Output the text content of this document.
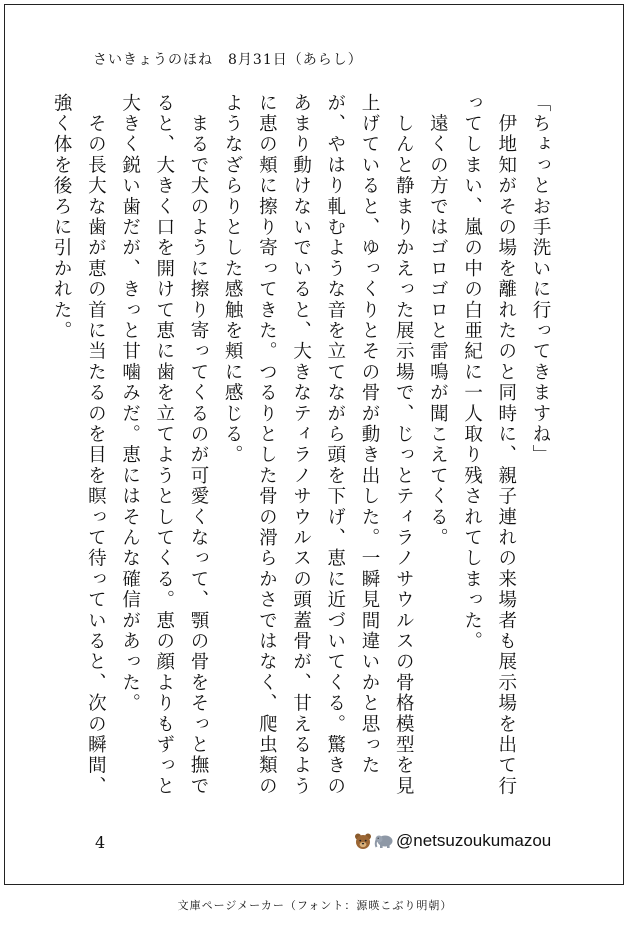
さいきょうのほね　8月31日（あらし）

「ちょっとお手洗いに行ってきますね」

　伊地知がその場を離れたのと同時に、親子連れの来場者も展示場を出て行ってしまい、嵐の中の白亜紀に一人取り残されてしまった。

　遠くの方ではゴロゴロと雷鳴が聞こえてくる。

　しんと静まりかえった展示場で、じっとティラノサウルスの骨格模型を見上げていると、ゆっくりとその骨が動き出した。一瞬見間違いかと思ったが、やはり軋むような音を立てながら頭を下げ、恵に近づいてくる。驚きのあまり動けないでいると、大きなティラノサウルスの頭蓋骨が、甘えるように恵の頬に擦り寄ってきた。つるりとした骨の滑らかさではなく、爬虫類のようなざらりとした感触を頬に感じる。

　まるで犬のように擦り寄ってくるのが可愛くなって、顎の骨をそっと撫でると、大きく口を開けて恵に歯を立てようとしてくる。恵の顔よりもずっと大きく鋭い歯だが、きっと甘噛みだ。恵にはそんな確信があった。

　その長大な歯が恵の首に当たるのを目を瞑って待っていると、次の瞬間、強く体を後ろに引かれた。

4	@netsuzoukumazou
文庫ページメーカー（フォント：源暎こぶり明朝）
